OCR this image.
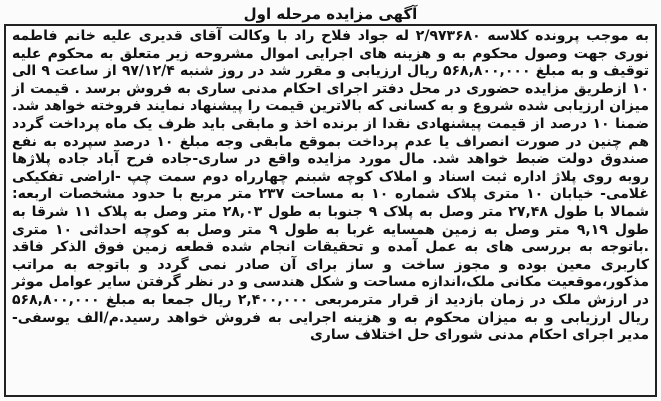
آگهی مزایده مرحله اول

به موجب پرونده کلاسه ۲/۹۷۳۶۸۰ له جواد فلاح راد با وکالت آقای قدیری علیه خانم فاطمه نوری جهت وصول محکوم به و هزینه های اجرایی اموال مشروحه زیر متعلق به محکوم علیه توقیف و به مبلغ ۵۶۸,۸۰۰,۰۰۰ ریال ارزیابی و مقرر شد در روز شنبه ۹۷/۱۲/۴ از ساعت ۹ الی ۱۰ ازطریق مزایده حضوری در محل دفتر اجرای احکام مدنی ساری به فروش برسد . قیمت از میزان ارزیابی شده شروع و به کسانی که بالاترین قیمت را پیشنهاد نمایند فروخته خواهد شد. ضمنا ۱۰ درصد از قیمت پیشنهادی نقدا از برنده اخذ و مابقی باید ظرف یک ماه پرداخت گردد هم چنین در صورت انصراف یا عدم پرداخت بموقع مابقی وجه مبلغ ۱۰ درصد سپرده به نفع صندوق دولت ضبط خواهد شد. مال مورد مزایده واقع در ساری-جاده فرح آباد جاده پلاژها روبه روی پلاژ اداره ثبت اسناد و املاک کوچه شبنم چهارراه دوم سمت چپ -اراضی تفکیکی غلامی- خیابان ۱۰ متری پلاک شماره ۱۰ به مساحت ۲۳۷ متر مربع با حدود مشخصات اربعه: شمالا با طول ۲۷,۴۸ متر وصل به پلاک ۹ جنوبا به طول ۲۸,۰۳ متر وصل به پلاک ۱۱ شرقا به طول ۹,۱۹ متر وصل به زمین همسایه غربا به طول ۹ متر وصل به کوچه احداثی ۱۰ متری .باتوجه به بررسی های به عمل آمده و تحقیقات انجام شده قطعه زمین فوق الذکر فاقد کاربری معین بوده و مجوز ساخت و ساز برای آن صادر نمی گردد و باتوجه به مراتب مذکور،موقعیت مکانی ملک،اندازه مساحت و شکل هندسی و در نظر گرفتن سایر عوامل موثر در ارزش ملک در زمان بازدید از قرار مترمربعی ۲,۴۰۰,۰۰۰ ریال جمعا به مبلغ ۵۶۸,۸۰۰,۰۰۰ ریال ارزیابی و به میزان محکوم به و هزینه اجرایی به فروش خواهد رسید.م/الف یوسفی-مدیر اجرای احکام مدنی شورای حل اختلاف ساری
